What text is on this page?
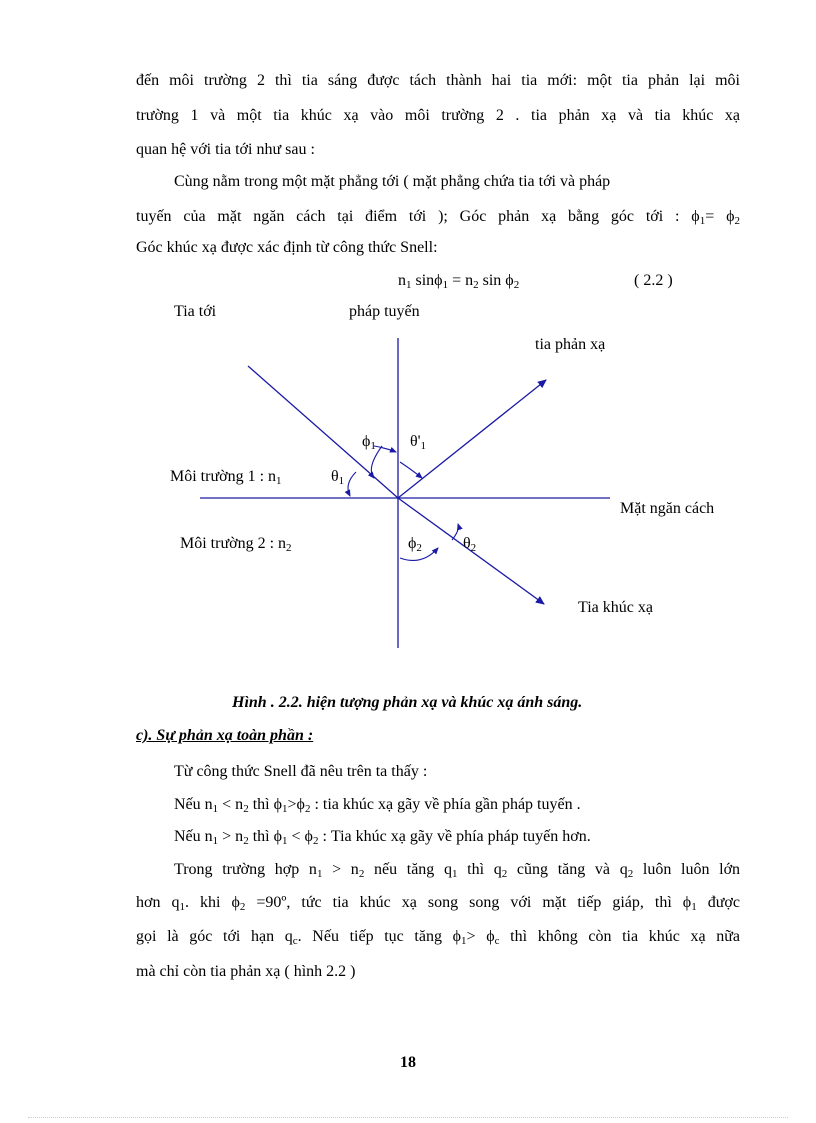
đến môi trường 2 thì tia sáng được tách thành hai tia mới: một tia phản lại môi
trường 1 và một tia khúc xạ vào môi trường 2 . tia phản xạ và tia khúc xạ
quan hệ với tia tới như sau :
Cùng nằm trong một mặt phẳng tới ( mặt phẳng chứa tia tới và pháp
tuyến của mặt ngăn cách tại điểm tới ); Góc phản xạ bằng góc tới : $\phi_1= \phi_2$
Góc khúc xạ được xác định từ công thức Snell:
$n_1$ $\sin\phi_1 = n_2$ $\sin \phi_2$	( 2.2 )
Tia tới	pháp tuyến
tia phản xạ
Mặt ngăn cách
Tia khúc xạ
Môi trường 1 : $n_1$
Môi trường 2 : $n_2$
$\phi_1$ $\theta'_1$
$\theta_1$
$\phi_2$	$\theta_2$
Hình . 2.2. hiện tượng phản xạ và khúc xạ ánh sáng.
c). Sự phản xạ toàn phần :
Từ công thức Snell đã nêu trên ta thấy :
Nếu $n_1 < n_2$ thì $\phi_1>\phi_2$ : tia khúc xạ gãy về phía gần pháp tuyến .
Nếu $n_1 > n_2$ thì $\phi_1 < \phi_2$ : Tia khúc xạ gãy về phía pháp tuyến hơn.
Trong trường hợp $n_1 > n_2$ nếu tăng $q_1$ thì $q_2$ cũng tăng và $q_2$ luôn luôn lớn
hơn $q_1$. khi $\phi_2$ =90º, tức tia khúc xạ song song với mặt tiếp giáp, thì $\phi_1$ được
gọi là góc tới hạn $q_c$. Nếu tiếp tục tăng $\phi_1> \phi_c$ thì không còn tia khúc xạ nữa
mà chỉ còn tia phản xạ ( hình 2.2 )
18
